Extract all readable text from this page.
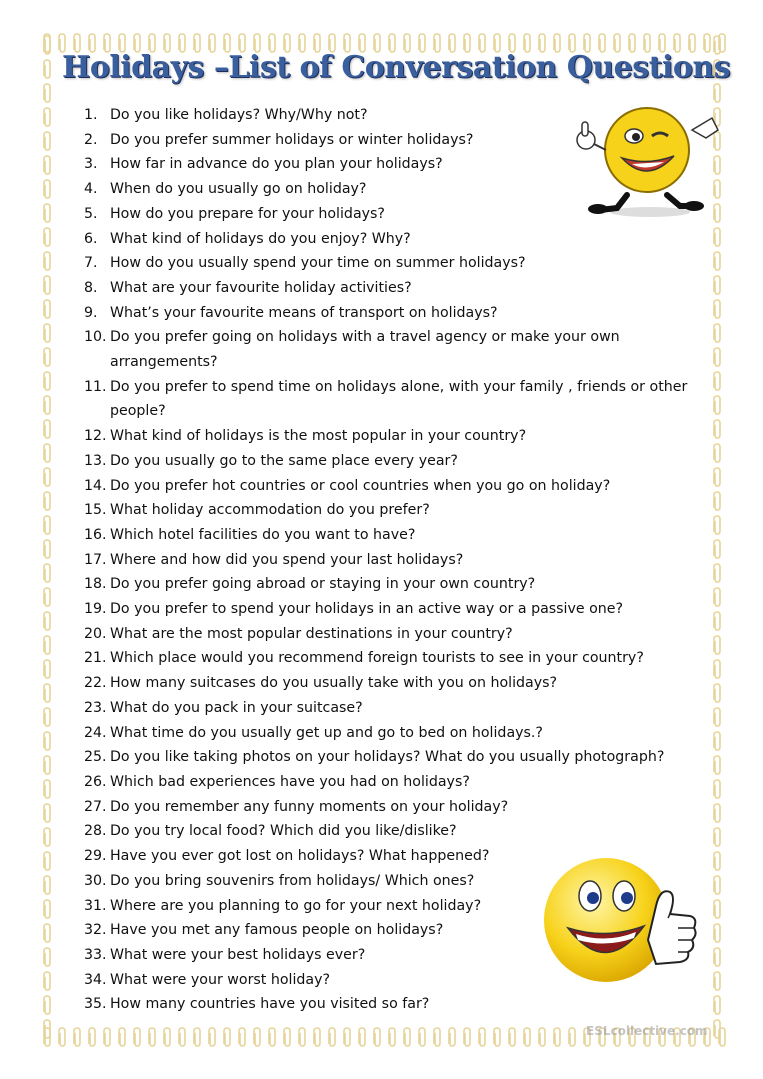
Holidays –List of Conversation Questions
1. Do you like holidays? Why/Why not?
2. Do you prefer summer holidays or winter holidays?
3. How far in advance do you plan your holidays?
4. When do you usually go on holiday?
5. How do you prepare for your holidays?
6. What kind of holidays do you enjoy? Why?
7. How do you usually spend your time on summer holidays?
8. What are your favourite holiday activities?
9. What’s your favourite means of transport on holidays?
10. Do you prefer going on holidays with a travel agency or make your own arrangements?
11. Do you prefer to spend time on holidays alone, with your family , friends or other people?
12. What kind of holidays is the most popular in your country?
13. Do you usually go to the same place every year?
14. Do you prefer hot countries or cool countries when you go on holiday?
15. What holiday accommodation do you prefer?
16. Which hotel facilities do you want to have?
17. Where and how did you spend your last holidays?
18. Do you prefer going abroad or staying in your own country?
19. Do you prefer to spend your holidays in an active way or a passive one?
20. What are the most popular destinations in your country?
21. Which place would you recommend foreign tourists to see in your country?
22. How many suitcases do you usually take with you on holidays?
23. What do you pack in your suitcase?
24. What time do you usually get up and go to bed on holidays.?
25. Do you like taking photos on your holidays? What do you usually photograph?
26. Which bad experiences have you had on holidays?
27. Do you remember any funny moments on your holiday?
28. Do you try local food? Which did you like/dislike?
29. Have you ever got lost on holidays? What happened?
30. Do you bring souvenirs from holidays/ Which ones?
31. Where are you planning to go for your next holiday?
32. Have you met any famous people on holidays?
33. What were your best holidays ever?
34. What were your worst holiday?
35. How many countries have you visited so far?
ESLcollective.com
